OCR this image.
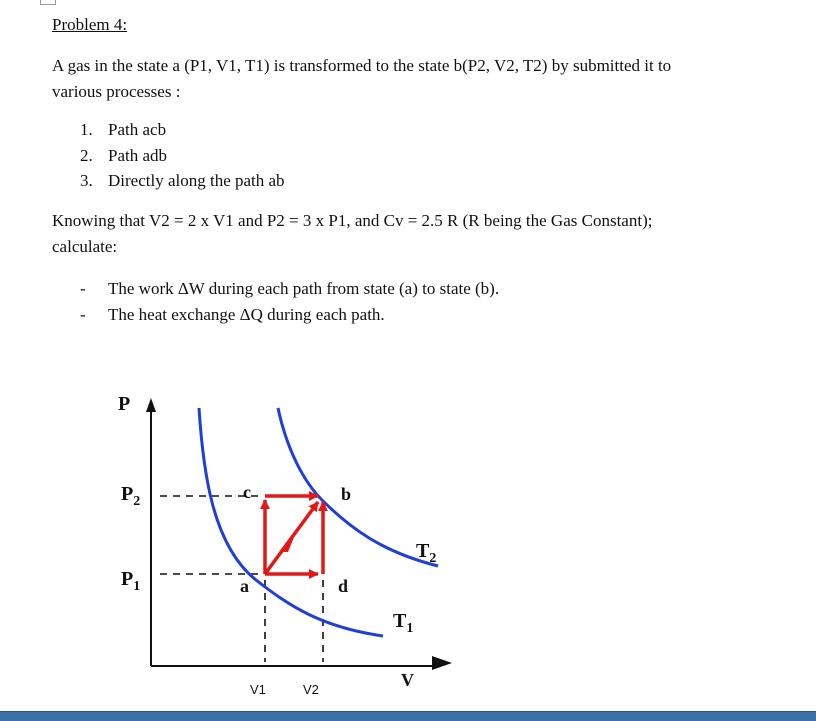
Problem 4:
A gas in the state a (P1, V1, T1) is transformed to the state b(P2, V2, T2) by submitted it to
various processes :
1. Path acb
2. Path adb
3. Directly along the path ab
Knowing that V2 = 2 x V1 and P2 = 3 x P1, and Cv = 2.5 R (R being the Gas Constant);
calculate:
- The work ΔW during each path from state (a) to state (b).
- The heat exchange ΔQ during each path.
P
V
$P_2$
$P_1$
V1	V2
a
b
c
d
$T_2$
$T_1$
